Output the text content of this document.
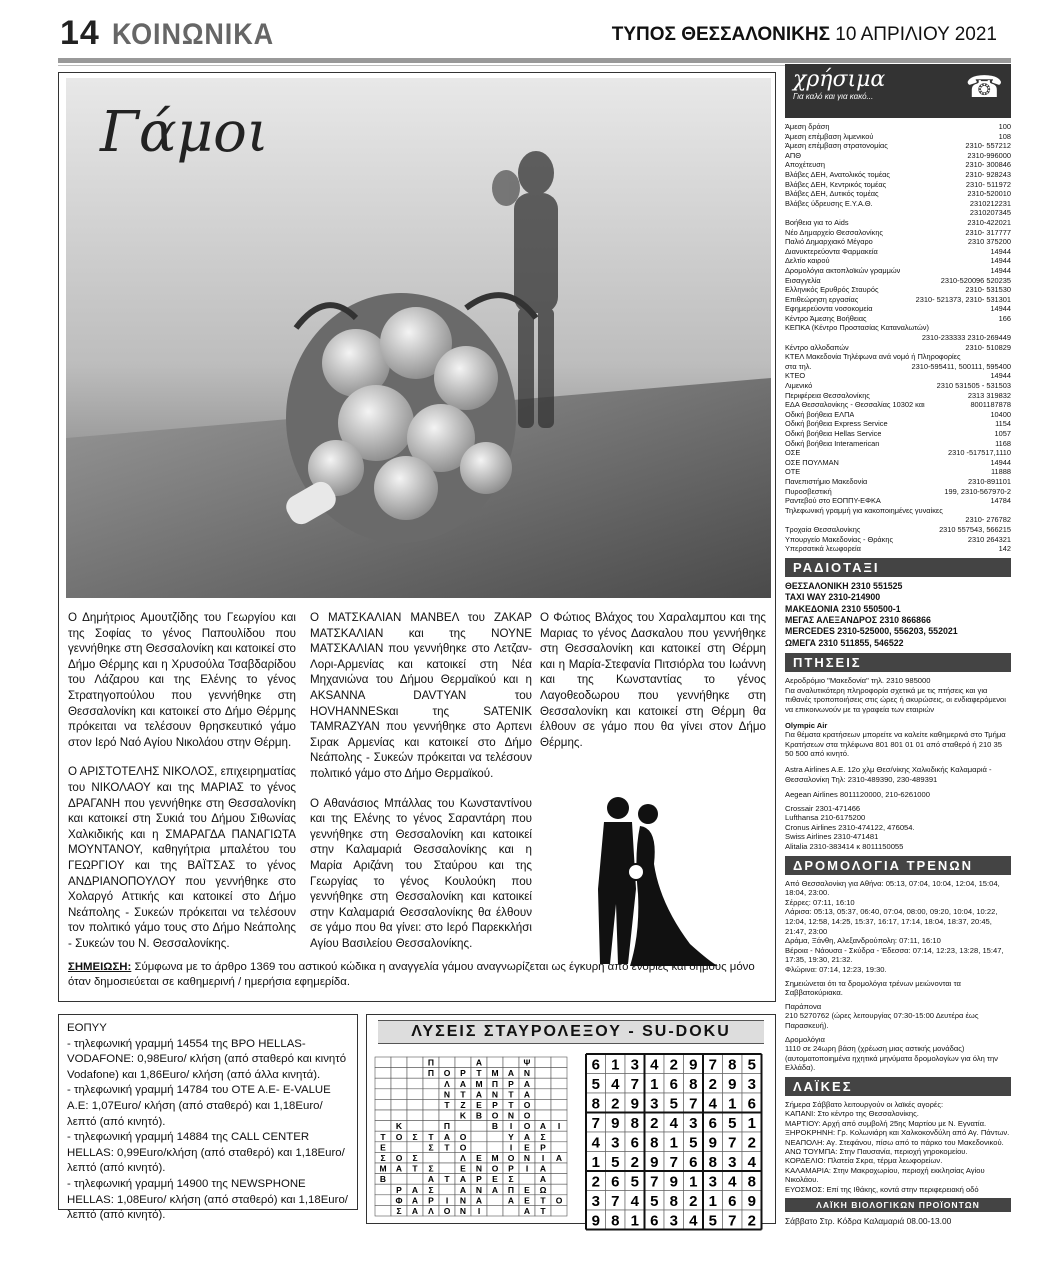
14 ΚΟΙΝΩΝΙΚΑ	ΤΥΠΟΣ ΘΕΣΣΑΛΟΝΙΚΗΣ 10 ΑΠΡΙΛΙΟΥ 2021
Γάμοι

Ο Δημήτριος Αμουτζίδης του Γεωργίου και της Σοφίας το γένος Παπουλίδου που γεννήθηκε στη Θεσσαλονίκη και κατοικεί στο Δήμο Θέρμης και η Χρυσούλα Τσαβδαρίδου του Λάζαρου και της Ελένης το γένος Στρατηγοπούλου που γεννήθηκε στη Θεσσαλονίκη και κατοικεί στο Δήμο Θέρμης πρόκειται να τελέσουν θρησκευτικό γάμο στον Ιερό Ναό Αγίου Νικολάου στην Θέρμη.

Ο ΑΡΙΣΤΟΤΕΛΗΣ ΝΙΚΟΛΟΣ, επιχειρηματίας του ΝΙΚΟΛΑΟΥ και της ΜΑΡΙΑΣ το γένος ΔΡΑΓΑΝΗ που γεννήθηκε στη Θεσσαλονίκη και κατοικεί στη Συκιά του Δήμου Σιθωνίας Χαλκιδικής και η ΣΜΑΡΑΓΔΑ ΠΑΝΑΓΙΩΤΑ ΜΟΥΝΤΑΝΟΥ, καθηγήτρια μπαλέτου του ΓΕΩΡΓΙΟΥ και της ΒΑΪΤΣΑΣ το γένος ΑΝΔΡΙΑΝΟΠΟΥΛΟΥ που γεννήθηκε στο Χολαργό Αττικής και κατοικεί στο Δήμο Νεάπολης - Συκεών πρόκειται να τελέσουν τον πολιτικό γάμο τους στο Δήμο Νεάπολης - Συκεών του Ν. Θεσσαλονίκης.

Ο ΜΑΤΣΚΑΛΙΑΝ ΜΑΝΒΕΛ του ΖΑΚΑΡ ΜΑΤΣΚΑΛΙΑΝ και της ΝΟΥΝΕ ΜΑΤΣΚΑΛΙΑΝ που γεννήθηκε στο Λετζαν-Λορι-Αρμενίας και κατοικεί στη Νέα Μηχανιώνα του Δήμου Θερμαϊκού και η AKSANNA DAVTYAN του HOVHANNESκαι της SATENIK TAMRAZYAN που γεννήθηκε στο Αρπενι Σιρακ Αρμενίας και κατοικεί στο Δήμο Νεάπολης - Συκεών πρόκειται να τελέσουν πολιτικό γάμο στο Δήμο Θερμαϊκού.

Ο Αθανάσιος Μπάλλας του Κωνσταντίνου και της Ελένης το γένος Σαραντάρη που γεννήθηκε στη Θεσσαλονίκη και κατοικεί στην Καλαμαριά Θεσσαλονίκης και η Μαρία Αριζάνη του Σταύρου και της Γεωργίας το γένος Κουλούκη που γεννήθηκε στη Θεσσαλονίκη και κατοικεί στην Καλαμαριά Θεσσαλονίκης θα έλθουν σε γάμο που θα γίνει: στο Ιερό Παρεκκλήσι Αγίου Βασιλείου Θεσσαλονίκης.

Ο Φώτιος Βλάχος του Χαραλαμπου και της Μαριας το γένος Δασκαλου που γεννήθηκε στη Θεσσαλονίκη και κατοικεί στη Θέρμη και η Μαρία-Στεφανία Πιτσιόρλα του Ιωάννη και της Κωνσταντίας το γένος Λαγοθεοδωρου που γεννήθηκε στη Θεσσαλονίκη και κατοικεί στη Θέρμη θα έλθουν σε γάμο που θα γίνει στον Δήμο Θέρμης.

ΣΗΜΕΙΩΣΗ: Σύμφωνα με το άρθρο 1369 του αστικού κώδικα η αναγγελία γάμου αναγνωρίζεται ως έγκυρη από ενορίες και δήμους μόνο όταν δημοσιεύεται σε καθημερινή / ημερήσια εφημερίδα.
ΕΟΠΥΥ
- τηλεφωνική γραμμή 14554 της BPO HELLAS-VODAFONE: 0,98Euro/ κλήση (από σταθερό και κινητό Vodafone) και 1,86Euro/ κλήση (από άλλα κινητά).
- τηλεφωνική γραμμή 14784 του OTE A.E- E-VALUE A.E: 1,07Euro/ κλήση (από σταθερό) και 1,18Euro/ λεπτό (από κινητό).
- τηλεφωνική γραμμή 14884 της CALL CENTER HELLAS: 0,99Euro/κλήση (από σταθερό) και 1,18Euro/ λεπτό (από κινητό).
- τηλεφωνική γραμμή 14900 της NEWSPHONE HELLAS: 1,08Euro/ κλήση (από σταθερό) και 1,18Euro/ λεπτό (από κινητό).
ΛΥΣΕΙΣ ΣΤΑΥΡΟΛΕΞΟΥ - SU-DOKU
Π	Α	Ψ
Π Ο Ρ Τ Μ Α Ν
Λ Α Μ Π Ρ Α
Ν Τ Α Ν Τ Α
Τ Ζ Ε Ρ Τ Ο
Κ Β Ο Ν Ο
Κ	Π	Β Ι Ο Α Ι
Τ Ο Σ Τ Α Ο	Υ Α Σ
Ε	Σ Τ Ο	Ι Ε Ρ
Σ Ο Σ	Λ Ε Μ Ο Ν Ι Α
Μ Α Τ Σ	Ε Ν Ο Ρ Ι Α
Β	Α Τ Α Ρ Ε Σ	Α
Ρ Α Σ	Α Ν Α Π Ε Ω
Φ Α Ρ Ι Ν Α	Α Ε Τ Ο
Σ Α Λ Ο Ν Ι	Α Τ
6 1 3 4 2 9 7 8 5
5 4 7 1 6 8 2 9 3
8 2 9 3 5 7 4 1 6
7 9 8 2 4 3 6 5 1
4 3 6 8 1 5 9 7 2
1 5 2 9 7 6 8 3 4
2 6 5 7 9 1 3 4 8
3 7 4 5 8 2 1 6 9
9 8 1 6 3 4 5 7 2
χρήσιμα
Για καλό και για κακό...	☎
Άμεση δράση	100
Άμεση επέμβαση λιμενικού	108
Άμεση επέμβαση στρατονομίας	2310- 557212
ΑΠΘ	2310-996000
Αποχέτευση	2310- 300846
Βλάβες ΔΕΗ, Ανατολικός τομέας	2310- 928243
Βλάβες ΔΕΗ, Κεντρικός τομέας	2310- 511972
Βλάβες ΔΕΗ, Δυτικός τομέας	2310-520010
Βλάβες ύδρευσης Ε.Υ.Α.Θ.	2310212231
2310207345
Βοήθεια για το Aids	2310-422021
Νέο Δημαρχείο Θεσσαλονίκης	2310- 317777
Παλιό Δημαρχιακό Μέγαρο	2310 375200
Διανυκτερεύοντα Φαρμακεία	14944
Δελτίο καιρού	14944
Δρομολόγια ακτοπλοϊκών γραμμών	14944
Εισαγγελία	2310-520096 520235
Ελληνικός Ερυθρός Σταυρός	2310- 531530
Επιθεώρηση εργασίας	2310- 521373, 2310- 531301
Εφημερεύοντα νοσοκομεία	14944
Κέντρο Άμεσης Βοήθειας	166
ΚΕΠΚΑ (Κέντρο Προστασίας Καταναλωτών)
2310-233333 2310-269449
Κέντρο αλλοδαπών	2310- 510829
ΚΤΕΛ Μακεδονία Τηλέφωνα ανά νομό ή Πληροφορίες
στα τηλ.	2310-595411, 500111, 595400
ΚΤΕΟ	14944
Λιμενικό	2310 531505 - 531503
Περιφέρεια Θεσσαλονίκης	2313 319832
ΕΔΑ Θεσσαλονίκης - Θεσσαλίας 10302 και	8001187878
Οδική βοήθεια ΕΛΠΑ	10400
Οδική βοήθεια Express Service	1154
Οδική βοήθεια Hellas Service	1057
Οδική βοήθεια Interamerican	1168
ΟΣΕ	2310 -517517,1110
ΟΣΕ ΠΟΥΛΜΑΝ	14944
ΟΤΕ	11888
Πανεπιστήμιο Μακεδονία	2310-891101
Πυροσβεστική	199, 2310-567970-2
Ραντεβού στο ΕΟΠΠΥ-ΕΦΚΑ	14784
Τηλεφωνική γραμμή για κακοποιημένες γυναίκες
2310- 276782
Τροχαία Θεσσαλονίκης	2310 557543, 566215
Υπουργείο Μακεδονίας - Θράκης	2310 264321
Υπερσατικά λεωφορεία	142
ΡΑΔΙΟΤΑΞΙ
ΘΕΣΣΑΛΟΝΙΚΗ 2310 551525
TAXI WAY 2310-214900
ΜΑΚΕΔΟΝΙΑ 2310 550500-1
ΜΕΓΑΣ ΑΛΕΞΑΝΔΡΟΣ 2310 866866
MERCEDES 2310-525000, 556203, 552021
ΩΜΕΓΑ 2310 511855, 546522
ΠΤΗΣΕΙΣ
Αεροδρόμιο "Μακεδονία" τηλ. 2310 985000
Για αναλυτικότερη πληροφορία σχετικά με τις πτήσεις και για πιθανές τροποποιήσεις στις ώρες ή ακυρώσεις, οι ενδιαφερόμενοι να επικοινωνούν με τα γραφεία των εταιριών
Olympic Air
Για θέματα κρατήσεων μπορείτε να καλείτε καθημερινά στο Τμήμα Κρατήσεων στα τηλέφωνα 801 801 01 01 από σταθερό ή 210 35 50 500 από κινητό.
Astra Airlines A.E. 12ο χλμ Θεσ/νίκης Χαλκιδικής Καλαμαριά - Θεσσαλονίκη Τηλ: 2310-489390, 230-489391
Aegean Airlines 8011120000, 210-6261000
Crossair 2301-471466
Lufthansa 210-6175200
Cronus Airlines 2310-474122, 476054.
Swiss Airlines 2310-471481
Alitalia 2310-383414 κ 8011150055
ΔΡΟΜΟΛΟΓΙΑ ΤΡΕΝΩΝ
Από Θεσσαλονίκη για Αθήνα: 05:13, 07:04, 10:04, 12:04, 15:04, 18:04, 23:00.
Σέρρες: 07:11, 16:10
Λάρισα: 05:13, 05:37, 06:40, 07:04, 08:00, 09:20, 10:04, 10:22, 12:04, 12:58, 14:25, 15:37, 16:17, 17:14, 18:04, 18:37, 20:45, 21:47, 23:00
Δράμα, Ξάνθη, Αλεξανδρούπολη: 07:11, 16:10
Βέροια - Νάουσα - Σκύδρα - Έδεσσα: 07:14, 12:23, 13:28, 15:47, 17:35, 19:30, 21:32.
Φλώρινα: 07:14, 12:23, 19:30.
Σημειώνεται ότι τα δρομολόγια τρένων μειώνονται τα Σαββατοκύριακα.
Παράπονα
210 5270762 (ώρες λειτουργίας 07:30-15:00 Δευτέρα έως Παρασκευή).
Δρομολόγια
1110 σε 24ωρη βάση (χρέωση μιας αστικής μονάδας) (αυτοματοποιημένα ηχητικά μηνύματα δρομολογίων για όλη την Ελλάδα).
ΛΑΪΚΕΣ
Σήμερα Σάββατο λειτουργούν οι λαϊκές αγορές:
ΚΑΠΑΝΙ: Στο κέντρο της Θεσσαλονίκης.
ΜΑΡΤΙΟΥ: Αρχή από συμβολή 25ης Μαρτίου με Ν. Εγνατία.
ΞΗΡΟΚΡΗΝΗ: Γρ. Κολωνιάρη και Χαλκοκονδύλη από Αγ. Πάντων.
ΝΕΑΠΟΛΗ: Αγ. Στεφάνου, πίσω από το πάρκο του Μακεδονικού.
ΑΝΩ ΤΟΥΜΠΑ: Στην Παυσανία, περιοχή γηροκομείου.
ΚΟΡΔΕΛΙΟ: Πλατεία Σκρα, τέρμα λεωφορείων.
ΚΑΛΑΜΑΡΙΑ: Στην Μακροχωρίου, περιοχή εκκλησίας Αγίου Νικολάου.
ΕΥΟΣΜΟΣ: Επί της Ιθάκης, κοντά στην περιφερειακή οδό
ΛΑΪΚΗ ΒΙΟΛΟΓΙΚΩΝ ΠΡΟΪΟΝΤΩΝ
Σάββατο Στρ. Κόδρα Καλαμαριά 08.00-13.00
